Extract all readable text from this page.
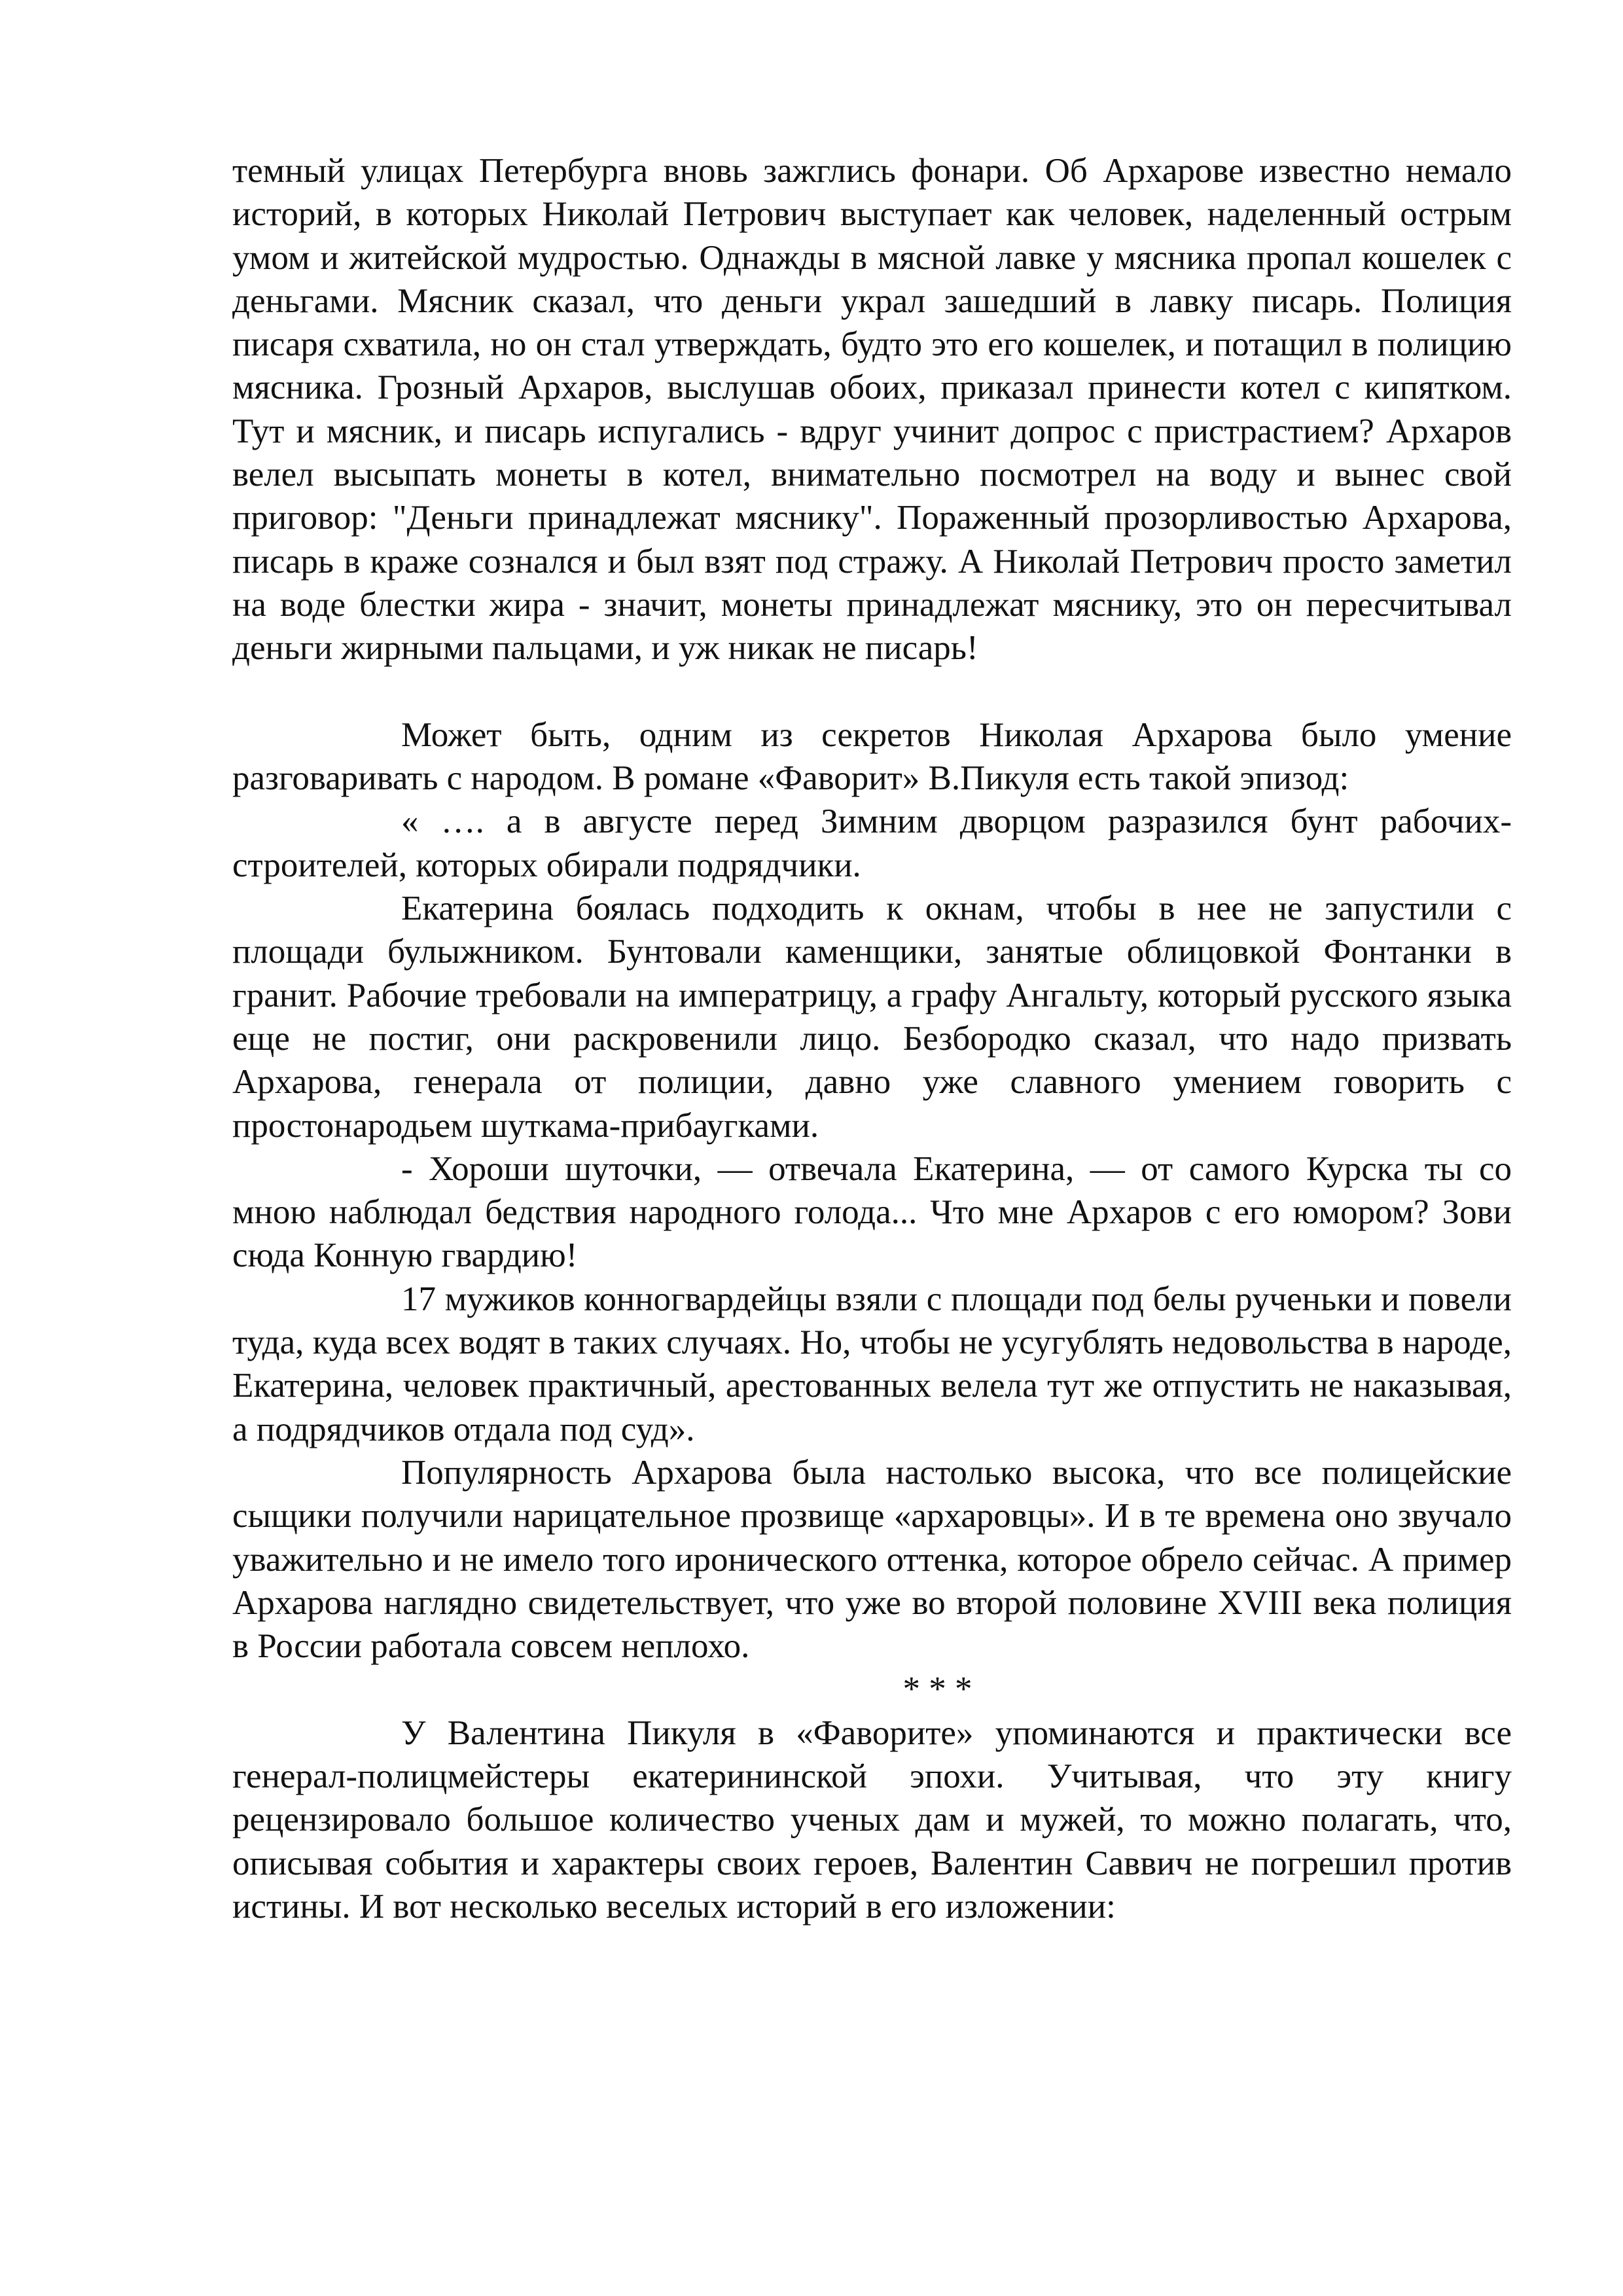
темный улицах Петербурга вновь зажглись фонари. Об Архарове известно немало историй, в которых Николай Петрович выступает как человек, наделенный острым умом и житейской мудростью. Однажды в мясной лавке у мясника пропал кошелек с деньгами. Мясник сказал, что деньги украл зашедший в лавку писарь. Полиция писаря схватила, но он стал утверждать, будто это его кошелек, и потащил в полицию мясника. Грозный Архаров, выслушав обоих, приказал принести котел с кипятком. Тут и мясник, и писарь испугались - вдруг учинит допрос с пристрастием? Архаров велел высыпать монеты в котел, внимательно посмотрел на воду и вынес свой приговор: "Деньги принадлежат мяснику". Пораженный прозорливостью Архарова, писарь в краже сознался и был взят под стражу. А Николай Петрович просто заметил на воде блестки жира - значит, монеты принадлежат мяснику, это он пересчитывал деньги жирными пальцами, и уж никак не писарь!

Может быть, одним из секретов Николая Архарова было умение разговаривать с народом. В романе «Фаворит» В.Пикуля есть такой эпизод:

« …. а в августе перед Зимним дворцом разразился бунт рабочих-строителей, которых обирали подрядчики.

Екатерина боялась подходить к окнам, чтобы в нее не запустили с площади булыжником. Бунтовали каменщики, занятые облицовкой Фонтанки в гранит. Рабочие требовали на императрицу, а графу Ангальту, который русского языка еще не постиг, они раскровенили лицо. Безбородко сказал, что надо призвать Архарова, генерала от полиции, давно уже славного умением говорить с простонародьем шуткама-прибаугками.

- Хороши шуточки, — отвечала Екатерина, — от самого Курска ты со мною наблюдал бедствия народного голода... Что мне Архаров с его юмором? Зови сюда Конную гвардию!

17 мужиков конногвардейцы взяли с площади под белы рученьки и повели туда, куда всех водят в таких случаях. Но, чтобы не усугублять недовольства в народе, Екатерина, человек практичный, арестованных велела тут же отпустить не наказывая, а подрядчиков отдала под суд».

Популярность Архарова была настолько высока, что все полицейские сыщики получили нарицательное прозвище «архаровцы». И в те времена оно звучало уважительно и не имело того иронического оттенка, которое обрело сейчас. А пример Архарова наглядно свидетельствует, что уже во второй половине XVIII века полиция в России работала совсем неплохо.

* * *

У Валентина Пикуля в «Фаворите» упоминаются и практически все генерал-полицмейстеры екатерининской эпохи. Учитывая, что эту книгу рецензировало большое количество ученых дам и мужей, то можно полагать, что, описывая события и характеры своих героев, Валентин Саввич не погрешил против истины. И вот несколько веселых историй в его изложении:
